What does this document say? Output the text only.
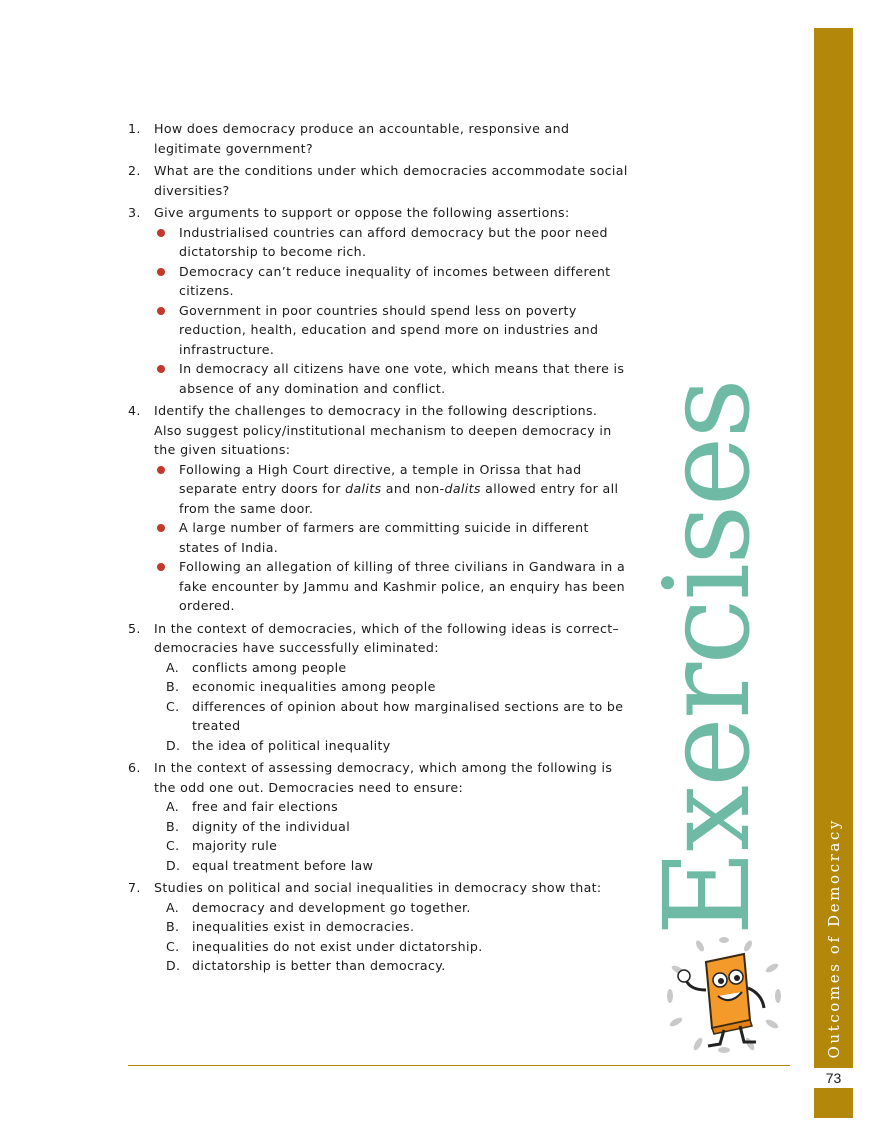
Outcomes of Democracy
73
Exercises
1. How does democracy produce an accountable, responsive and legitimate government?
2. What are the conditions under which democracies accommodate social diversities?
3. Give arguments to support or oppose the following assertions:
Industrialised countries can afford democracy but the poor need dictatorship to become rich.
Democracy can’t reduce inequality of incomes between different citizens.
Government in poor countries should spend less on poverty reduction, health, education and spend more on industries and infrastructure.
In democracy all citizens have one vote, which means that there is absence of any domination and conflict.
4. Identify the challenges to democracy in the following descriptions. Also suggest policy/institutional mechanism to deepen democracy in the given situations:
Following a High Court directive, a temple in Orissa that had separate entry doors for dalits and non-dalits allowed entry for all from the same door.
A large number of farmers are committing suicide in different states of India.
Following an allegation of killing of three civilians in Gandwara in a fake encounter by Jammu and Kashmir police, an enquiry has been ordered.
5. In the context of democracies, which of the following ideas is correct– democracies have successfully eliminated:
A. conflicts among people
B. economic inequalities among people
C. differences of opinion about how marginalised sections are to be treated
D. the idea of political inequality
6. In the context of assessing democracy, which among the following is the odd one out. Democracies need to ensure:
A. free and fair elections
B. dignity of the individual
C. majority rule
D. equal treatment before law
7. Studies on political and social inequalities in democracy show that:
A. democracy and development go together.
B. inequalities exist in democracies.
C. inequalities do not exist under dictatorship.
D. dictatorship is better than democracy.
